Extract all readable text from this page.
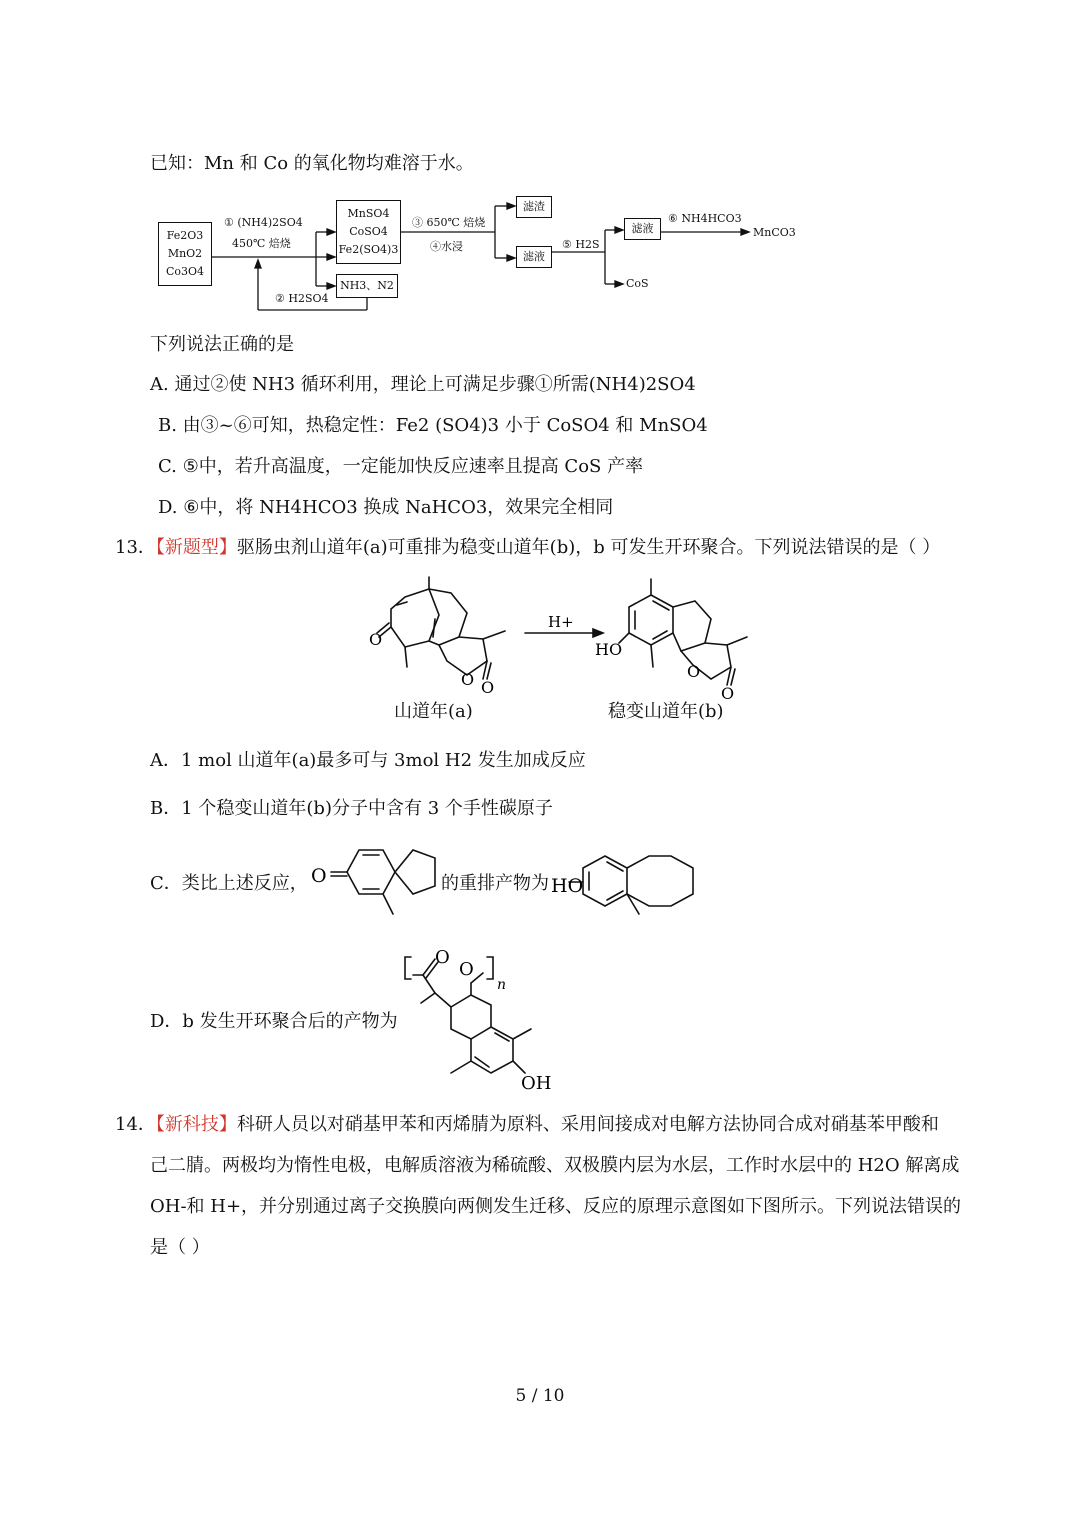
已知：Mn 和 Co 的氧化物均难溶于水。
Fe2O3
MnO2
Co3O4
① (NH4)2SO4
450℃ 焙烧
MnSO4
CoSO4
Fe2(SO4)3
NH3、N2
② H2SO4
③ 650℃ 焙烧
④水浸
滤渣
滤液
⑤ H2S
滤液
⑥ NH4HCO3
MnCO3
CoS
下列说法正确的是
A. 通过②使 NH3 循环利用，理论上可满足步骤①所需(NH4)2SO4
B. 由③~⑥可知，热稳定性：Fe2 (SO4)3 小于 CoSO4 和 MnSO4
C. ⑤中，若升高温度，一定能加快反应速率且提高 CoS 产率
D. ⑥中，将 NH4HCO3 换成 NaHCO3，效果完全相同
13．【新题型】驱肠虫剂山道年(a)可重排为稳变山道年(b)，b 可发生开环聚合。下列说法错误的是（ ）
O
O O
H+
HO
O
O
山道年(a)	稳变山道年(b)
A．1 mol 山道年(a)最多可与 3mol H2 发生加成反应
B．1 个稳变山道年(b)分子中含有 3 个手性碳原子
C．类比上述反应， O	HO
的重排产物为
D．b 发生开环聚合后的产物为
O
O
n
OH
14．【新科技】科研人员以对硝基甲苯和丙烯腈为原料、采用间接成对电解方法协同合成对硝基苯甲酸和
己二腈。两极均为惰性电极，电解质溶液为稀硫酸、双极膜内层为水层，工作时水层中的 H2O 解离成
OH-和 H+，并分别通过离子交换膜向两侧发生迁移、反应的原理示意图如下图所示。下列说法错误的
是（ ）
5 / 10
